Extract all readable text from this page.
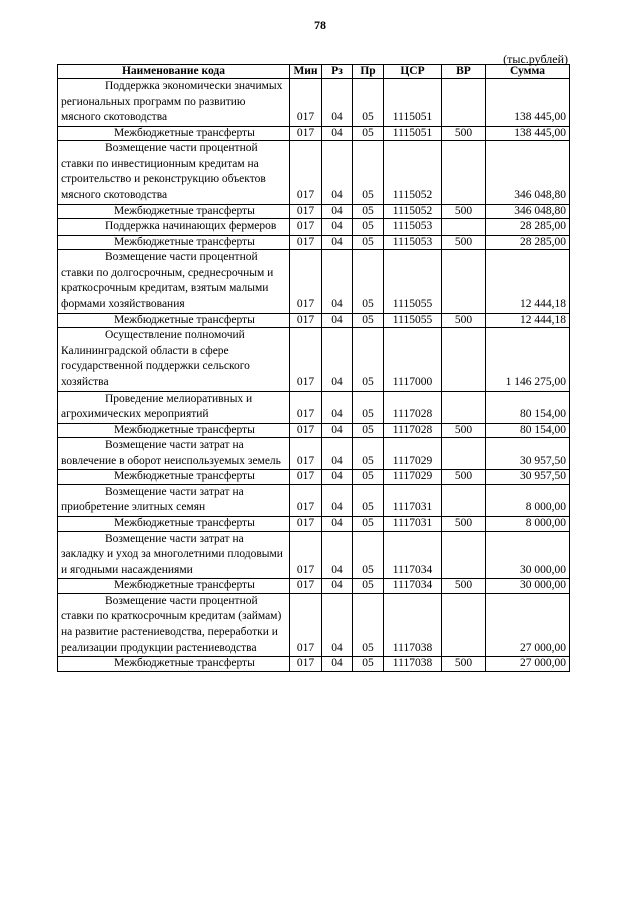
78
(тыс.рублей)
Наименование кода	Мин	Рз	Пр	ЦСР	ВР	Сумма
Поддержка экономически значимых региональных программ по развитию мясного скотоводства	017	04	05	1115051		138 445,00
Межбюджетные трансферты	017	04	05	1115051	500	138 445,00
Возмещение части процентной ставки по инвестиционным кредитам на строительство и реконструкцию объектов мясного скотоводства	017	04	05	1115052		346 048,80
Межбюджетные трансферты	017	04	05	1115052	500	346 048,80
Поддержка начинающих фермеров	017	04	05	1115053		28 285,00
Межбюджетные трансферты	017	04	05	1115053	500	28 285,00
Возмещение части процентной ставки по долгосрочным, среднесрочным и краткосрочным кредитам, взятым малыми формами хозяйствования	017	04	05	1115055		12 444,18
Межбюджетные трансферты	017	04	05	1115055	500	12 444,18
Осуществление полномочий Калининградской области в сфере государственной поддержки сельского хозяйства	017	04	05	1117000		1 146 275,00
Проведение мелиоративных и агрохимических мероприятий	017	04	05	1117028		80 154,00
Межбюджетные трансферты	017	04	05	1117028	500	80 154,00
Возмещение части затрат на вовлечение в оборот неиспользуемых земель	017	04	05	1117029		30 957,50
Межбюджетные трансферты	017	04	05	1117029	500	30 957,50
Возмещение части затрат на приобретение элитных семян	017	04	05	1117031		8 000,00
Межбюджетные трансферты	017	04	05	1117031	500	8 000,00
Возмещение части затрат на закладку и уход за многолетними плодовыми и ягодными насаждениями	017	04	05	1117034		30 000,00
Межбюджетные трансферты	017	04	05	1117034	500	30 000,00
Возмещение части процентной ставки по краткосрочным кредитам (займам) на развитие растениеводства, переработки и реализации продукции растениеводства	017	04	05	1117038		27 000,00
Межбюджетные трансферты	017	04	05	1117038	500	27 000,00
